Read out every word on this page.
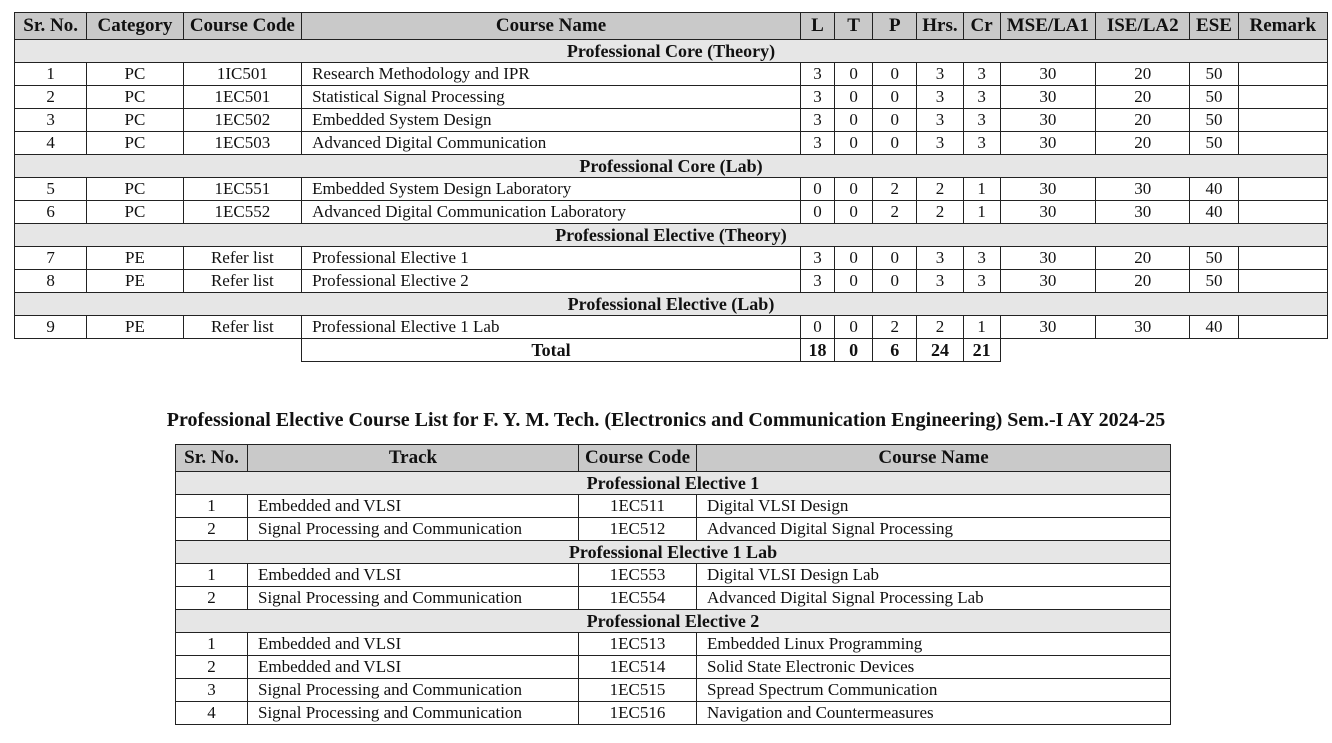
Sr. No.	Category	Course Code	Course Name	L	T	P	Hrs.	Cr	MSE/LA1	ISE/LA2	ESE	Remark
Professional Core (Theory)												
1	PC	1IC501	Research Methodology and IPR	3	0	0	3	3	30	20	50	
2	PC	1EC501	Statistical Signal Processing	3	0	0	3	3	30	20	50	
3	PC	1EC502	Embedded System Design	3	0	0	3	3	30	20	50	
4	PC	1EC503	Advanced Digital Communication	3	0	0	3	3	30	20	50	
Professional Core (Lab)												
5	PC	1EC551	Embedded System Design Laboratory	0	0	2	2	1	30	30	40	
6	PC	1EC552	Advanced Digital Communication Laboratory	0	0	2	2	1	30	30	40	
Professional Elective (Theory)												
7	PE	Refer list	Professional Elective 1	3	0	0	3	3	30	20	50	
8	PE	Refer list	Professional Elective 2	3	0	0	3	3	30	20	50	
Professional Elective (Lab)												
9	PE	Refer list	Professional Elective 1 Lab	0	0	2	2	1	30	30	40	
			Total	18	0	6	24	21				
Professional Elective Course List for F. Y. M. Tech. (Electronics and Communication Engineering) Sem.-I AY 2024-25
Sr. No.	Track	Course Code	Course Name
Professional Elective 1			
1	Embedded and VLSI	1EC511	Digital VLSI Design
2	Signal Processing and Communication	1EC512	Advanced Digital Signal Processing
Professional Elective 1 Lab			
1	Embedded and VLSI	1EC553	Digital VLSI Design Lab
2	Signal Processing and Communication	1EC554	Advanced Digital Signal Processing Lab
Professional Elective 2			
1	Embedded and VLSI	1EC513	Embedded Linux Programming
2	Embedded and VLSI	1EC514	Solid State Electronic Devices
3	Signal Processing and Communication	1EC515	Spread Spectrum Communication
4	Signal Processing and Communication	1EC516	Navigation and Countermeasures
